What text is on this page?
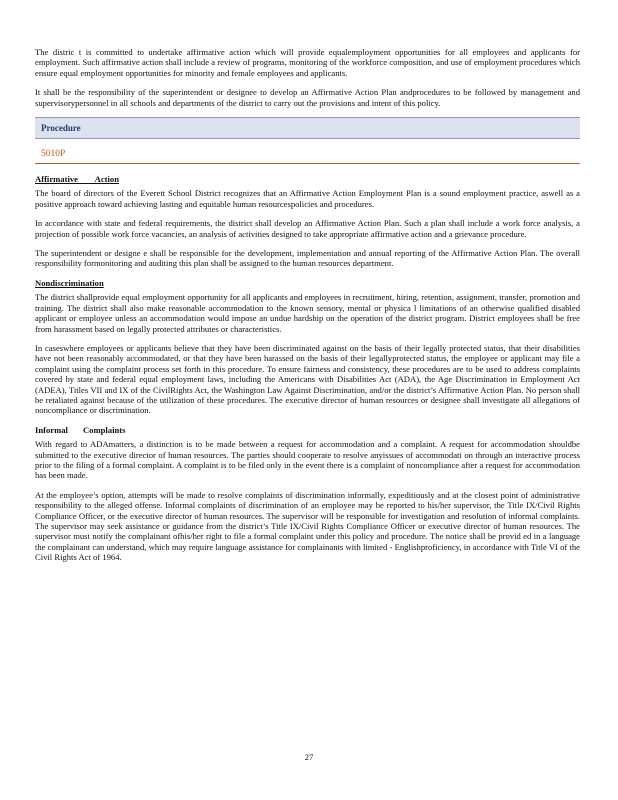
The distric t is committed to undertake affirmative action which will provide equalemployment opportunities for all employees and applicants for employment. Such affirmative action shall include a review of programs, monitoring of the workforce composition, and use of employment procedures which ensure equal employment opportunities for minority and female employees and applicants.

It shall be the responsibility of the superintendent or designee to develop an Affirmative Action Plan andprocedures to be followed by management and supervisorypersonnel in all schools and departments of the district to carry out the provisions and intent of this policy.

Procedure
5010P
Affirmative        Action

The board of directors of the Everett School District recognizes that an Affirmative Action Employment Plan is a sound employment practice, aswell as a positive approach toward achieving lasting and equitable human resourcespolicies and procedures.

In accordance with state and federal requirements, the district shall develop an Affirmative Action Plan. Such a plan shall include a work force analysis, a projection of possible work force vacancies, an analysis of activities designed to take appropriate affirmative action and a grievance procedure.

The superintendent or designe e shall be responsible for the development, implementation and annual reporting of the Affirmative Action Plan. The overall responsibility formonitoring and auditing this plan shall be assigned to the human resources department.

Nondiscrimination

The district shallprovide equal employment opportunity for all applicants and employees in recruitment, hiring, retention, assignment, transfer, promotion and training. The district shall also make reasonable accommodation to the known sensory, mental or physica l limitations of an otherwise qualified disabled applicant or employee unless an accommodation would impose an undue hardship on the operation of the district program. District employees shall be free from harassment based on legally protected attributes or characteristics.

In caseswhere employees or applicants believe that they have been discriminated against on the basis of their legally protected status, that their disabilities have not been reasonably accommodated, or that they have been harassed on the basis of their legallyprotected status, the employee or applicant may file a complaint using the complaint process set forth in this procedure. To ensure fairness and consistency, these procedures are to be used to address complaints covered by state and federal equal employment laws, including the Americans with Disabilities Act (ADA), the Age Discrimination in Employment Act (ADEA), Titles VII and IX of the CivilRights Act, the Washington Law Against Discrimination, and/or the district’s Affirmative Action Plan. No person shall be retaliated against because of the utilization of these procedures. The executive director of human resources or designee shall investigate all allegations of noncompliance or discrimination.

Informal       Complaints

With regard to ADAmatters, a distinction is to be made between a request for accommodation and a complaint. A request for accommodation shouldbe submitted to the executive director of human resources. The parties should cooperate to resolve anyissues of accommodati on through an interactive process prior to the filing of a formal complaint. A complaint is to be filed only in the event there is a complaint of noncompliance after a request for accommodation has been made.

At the employee’s option, attempts will be made to resolve complaints of discrimination informally, expeditiously and at the closest point of administrative responsibility to the alleged offense. Informal complaints of discrimination of an employee may be reported to his/her supervisor, the Title IX/Civil Rights Compliance Officer, or the executive director of human resources. The supervisor will be responsible for investigation and resolution of informal complaints. The supervisor may seek assistance or guidance from the district’s Title IX/Civil Rights Compliance Officer or executive director of human resources. The supervisor must notify the complainant ofhis/her right to file a formal complaint under this policy and procedure. The notice shall be provid ed in a language the complainant can understand, which may require language assistance for complainants with limited - Englishproficiency, in accordance with Title VI of the Civil Rights Act of 1964.

27
